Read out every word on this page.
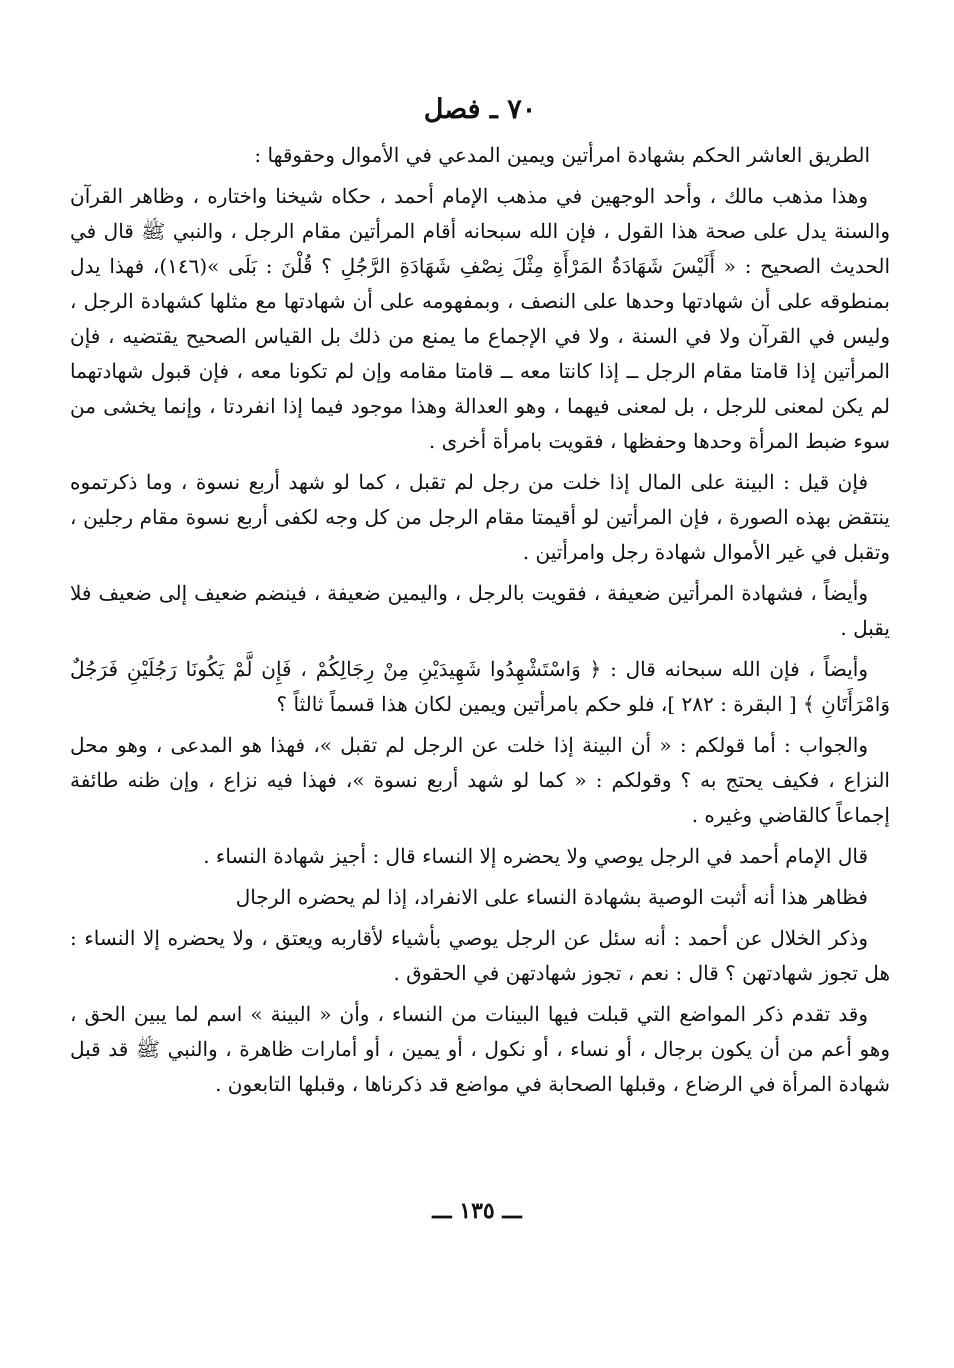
٧٠ ـ فصل

الطريق العاشر الحكم بشهادة امرأتين ويمين المدعي في الأموال وحقوقها :

وهذا مذهب مالك ، وأحد الوجهين في مذهب الإمام أحمد ، حكاه شيخنا واختاره ، وظاهر القرآن والسنة يدل على صحة هذا القول ، فإن الله سبحانه أقام المرأتين مقام الرجل ، والنبي ﷺ قال في الحديث الصحيح : « أَلَيْسَ شَهَادَةُ المَرْأَةِ مِثْلَ نِصْفِ شَهَادَةِ الرَّجُلِ ؟ قُلْنَ : بَلَى »(١٤٦)، فهذا يدل بمنطوقه على أن شهادتها وحدها على النصف ، وبمفهومه على أن شهادتها مع مثلها كشهادة الرجل ، وليس في القرآن ولا في السنة ، ولا في الإجماع ما يمنع من ذلك بل القياس الصحيح يقتضيه ، فإن المرأتين إذا قامتا مقام الرجل ــ إذا كانتا معه ــ قامتا مقامه وإن لم تكونا معه ، فإن قبول شهادتهما لم يكن لمعنى للرجل ، بل لمعنى فيهما ، وهو العدالة وهذا موجود فيما إذا انفردتا ، وإنما يخشى من سوء ضبط المرأة وحدها وحفظها ، فقويت بامرأة أخرى .

فإن قيل : البينة على المال إذا خلت من رجل لم تقبل ، كما لو شهد أربع نسوة ، وما ذكرتموه ينتقض بهذه الصورة ، فإن المرأتين لو أقيمتا مقام الرجل من كل وجه لكفى أربع نسوة مقام رجلين ، وتقبل في غير الأموال شهادة رجل وامرأتين .

وأيضاً ، فشهادة المرأتين ضعيفة ، فقويت بالرجل ، واليمين ضعيفة ، فينضم ضعيف إلى ضعيف فلا يقبل .

وأيضاً ، فإن الله سبحانه قال : ﴿ وَاسْتَشْهِدُوا شَهِيدَيْنِ مِنْ رِجَالِكُمْ ، فَإِن لَّمْ يَكُونَا رَجُلَيْنِ فَرَجُلٌ وَامْرَأَتَانِ ﴾ [ البقرة : ٢٨٢ ]، فلو حكم بامرأتين ويمين لكان هذا قسماً ثالثاً ؟

والجواب : أما قولكم : « أن البينة إذا خلت عن الرجل لم تقبل »، فهذا هو المدعى ، وهو محل النزاع ، فكيف يحتج به ؟ وقولكم : « كما لو شهد أربع نسوة »، فهذا فيه نزاع ، وإن ظنه طائفة إجماعاً كالقاضي وغيره .

قال الإمام أحمد في الرجل يوصي ولا يحضره إلا النساء قال : أجيز شهادة النساء .

فظاهر هذا أنه أثبت الوصية بشهادة النساء على الانفراد، إذا لم يحضره الرجال

وذكر الخلال عن أحمد : أنه سئل عن الرجل يوصي بأشياء لأقاربه ويعتق ، ولا يحضره إلا النساء : هل تجوز شهادتهن ؟ قال : نعم ، تجوز شهادتهن في الحقوق .

وقد تقدم ذكر المواضع التي قبلت فيها البينات من النساء ، وأن « البينة » اسم لما يبين الحق ، وهو أعم من أن يكون برجال ، أو نساء ، أو نكول ، أو يمين ، أو أمارات ظاهرة ، والنبي ﷺ قد قبل شهادة المرأة في الرضاع ، وقبلها الصحابة في مواضع قد ذكرناها ، وقبلها التابعون .

ـــ ١٣٥ ـــ
